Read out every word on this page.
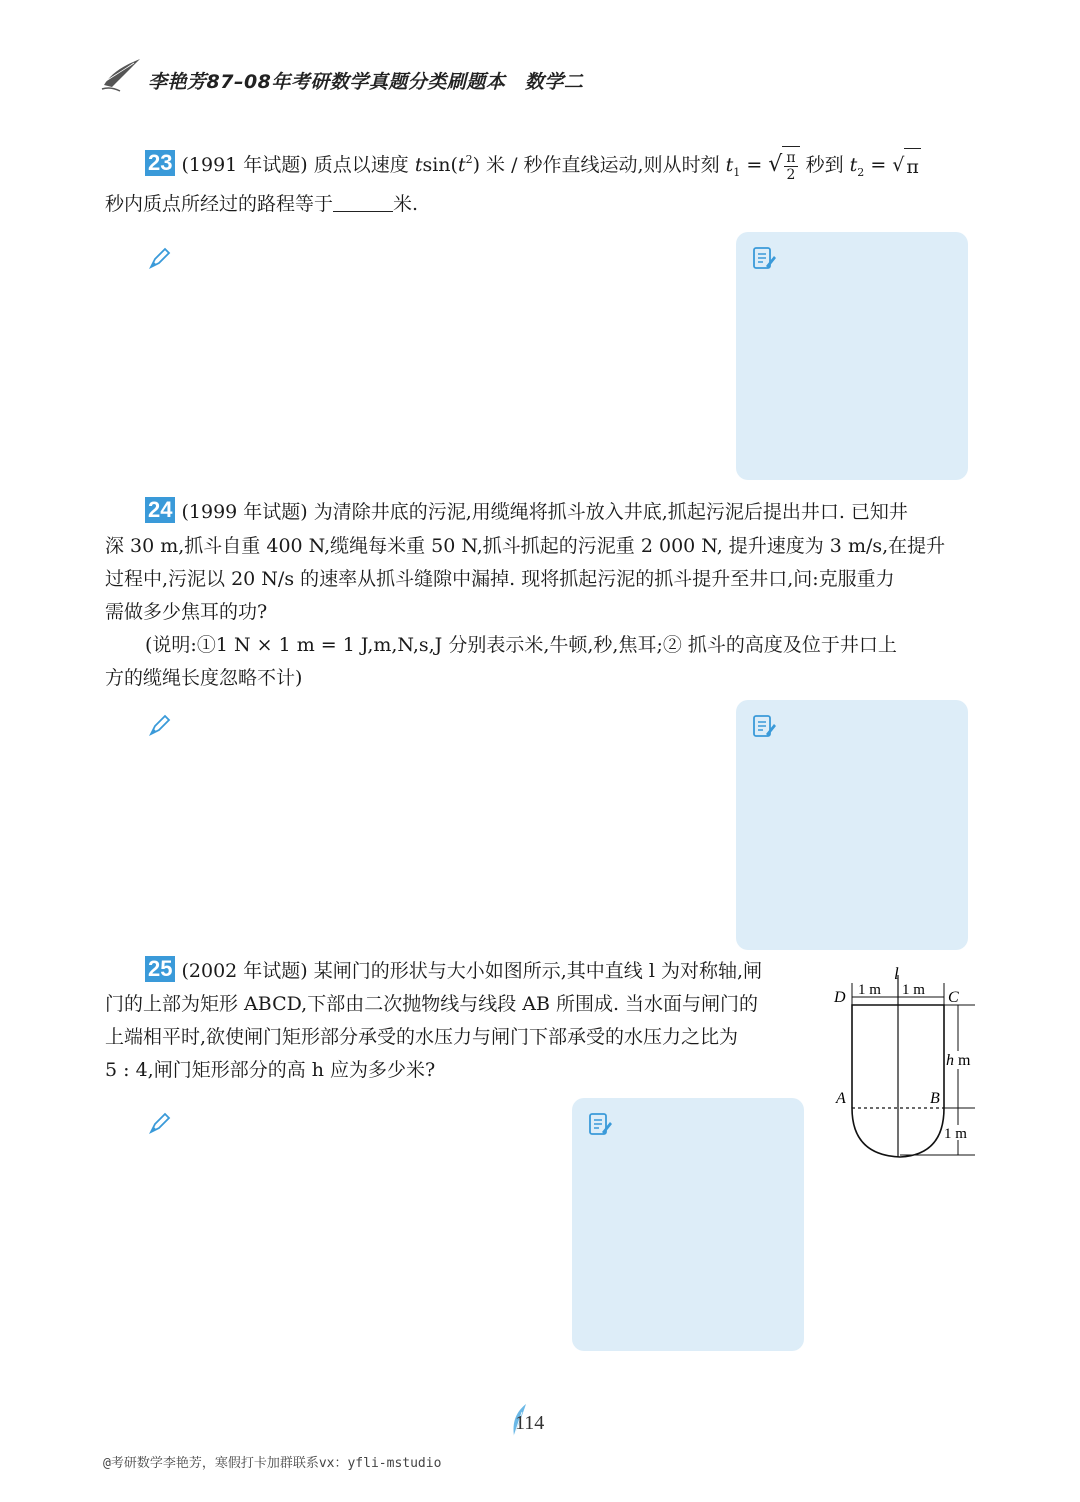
李艳芳87–08年考研数学真题分类刷题本　数学二
23 (1991 年试题) 质点以速度 $tsin(t^2)$ 米 / 秒作直线运动,则从时刻 $t_1$ = √ $\frac{\pi}{2}$ 秒到 $t_2$ = √ π
秒内质点所经过的路程等于	米.
24 (1999 年试题) 为清除井底的污泥,用缆绳将抓斗放入井底,抓起污泥后提出井口. 已知井
深 30 m,抓斗自重 400 N,缆绳每米重 50 N,抓斗抓起的污泥重 2 000 N, 提升速度为 3 m/s,在提升
过程中,污泥以 20 N/s 的速率从抓斗缝隙中漏掉. 现将抓起污泥的抓斗提升至井口,问:克服重力
需做多少焦耳的功?
(说明:①1 N × 1 m = 1 J,m,N,s,J 分别表示米,牛顿,秒,焦耳;② 抓斗的高度及位于井口上
方的缆绳长度忽略不计)
25 (2002 年试题) 某闸门的形状与大小如图所示,其中直线 l 为对称轴,闸
门的上部为矩形 ABCD,下部由二次抛物线与线段 AB 所围成. 当水面与闸门的
上端相平时,欲使闸门矩形部分承受的水压力与闸门下部承受的水压力之比为
5 : 4,闸门矩形部分的高 h 应为多少米?
l
D	C
A	B
1 m 1 m
h m
1 m
114
@考研数学李艳芳，寒假打卡加群联系vx：yfli-mstudio
